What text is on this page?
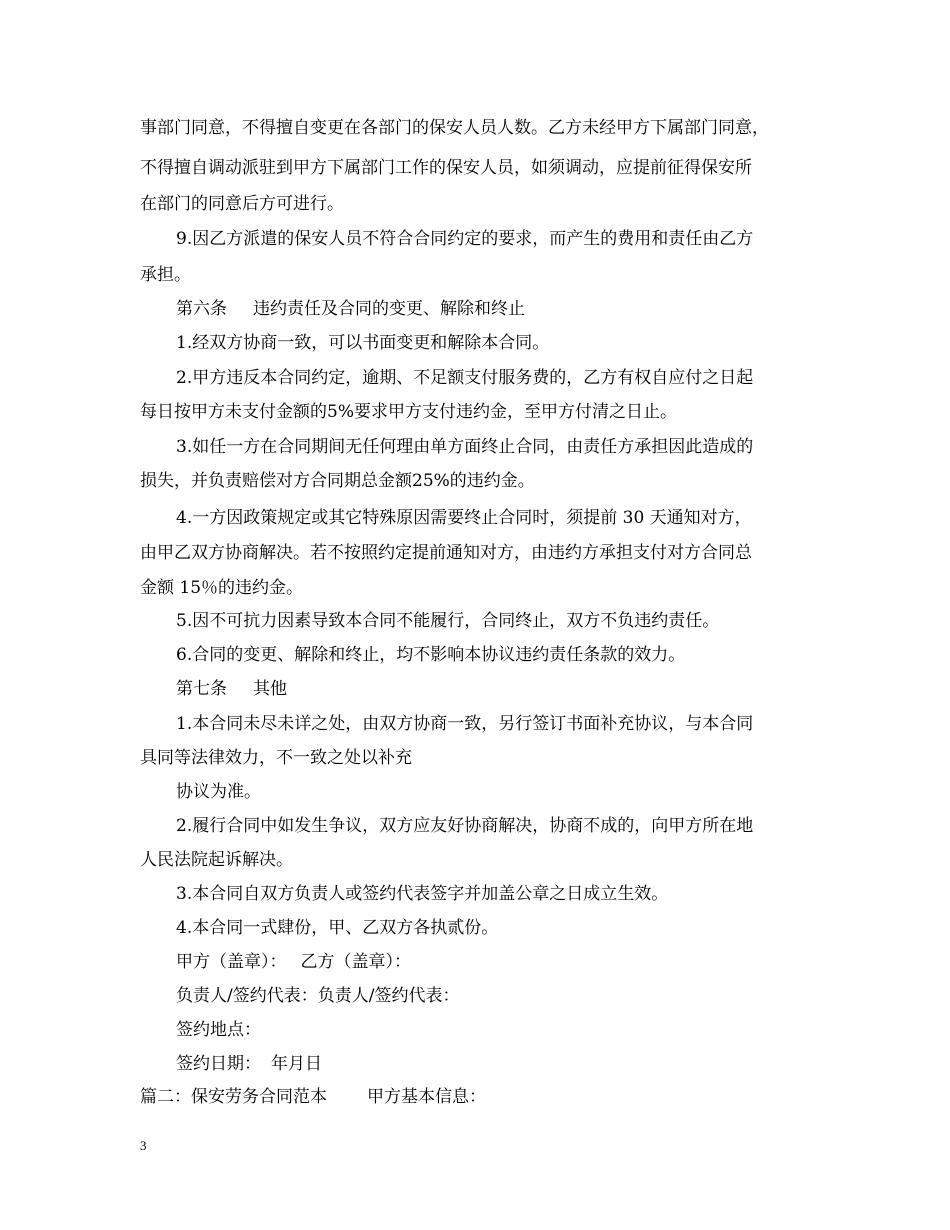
事部门同意，不得擅自变更在各部门的保安人员人数。乙方未经甲方下属部门同意，
不得擅自调动派驻到甲方下属部门工作的保安人员，如须调动，应提前征得保安所
在部门的同意后方可进行。
9.因乙方派遣的保安人员不符合合同约定的要求，而产生的费用和责任由乙方
承担。
第六条 违约责任及合同的变更、解除和终止
1.经双方协商一致，可以书面变更和解除本合同。
2.甲方违反本合同约定，逾期、不足额支付服务费的，乙方有权自应付之日起
每日按甲方未支付金额的5%要求甲方支付违约金，至甲方付清之日止。
3.如任一方在合同期间无任何理由单方面终止合同，由责任方承担因此造成的
损失，并负责赔偿对方合同期总金额25%的违约金。
4.一方因政策规定或其它特殊原因需要终止合同时，须提前 30 天通知对方，
由甲乙双方协商解决。若不按照约定提前通知对方，由违约方承担支付对方合同总
金额 15％的违约金。
5.因不可抗力因素导致本合同不能履行，合同终止，双方不负违约责任。
6.合同的变更、解除和终止，均不影响本协议违约责任条款的效力。
第七条 其他
1.本合同未尽未详之处，由双方协商一致，另行签订书面补充协议，与本合同
具同等法律效力，不一致之处以补充
协议为准。
2.履行合同中如发生争议，双方应友好协商解决，协商不成的，向甲方所在地
人民法院起诉解决。
3.本合同自双方负责人或签约代表签字并加盖公章之日成立生效。
4.本合同一式肆份，甲、乙双方各执贰份。
甲方（盖章）： 乙方（盖章）：
负责人/签约代表：负责人/签约代表：
签约地点：
签约日期： 年月日
篇二：保安劳务合同范本 甲方基本信息：
3
